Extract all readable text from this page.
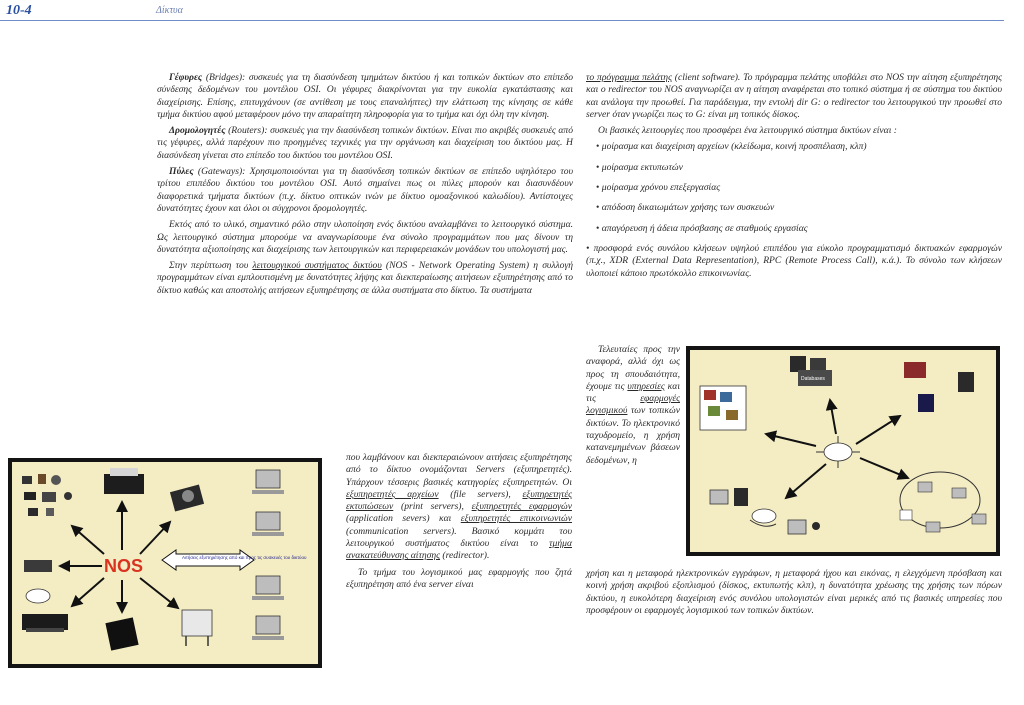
10-4	Δίκτυα

Γέφυρες (Bridges): συσκευές για τη διασύνδεση τμημάτων δικτύου ή και τοπικών δικτύων στο επίπεδο σύνδεσης δεδομένων του μοντέλου OSI. Οι γέφυρες διακρίνονται για την ευκολία εγκατάστασης και διαχείρισης. Επίσης, επιτυγχάνουν (σε αντίθεση με τους επαναλήπτες) την ελάττωση της κίνησης σε κάθε τμήμα δικτύου αφού μεταφέρουν μόνο την απαραίτητη πληροφορία για το τμήμα και όχι όλη την κίνηση.

Δρομολογητές (Routers): συσκευές για την διασύνδεση τοπικών δικτύων. Είναι πιο ακριβές συσκευές από τις γέφυρες, αλλά παρέχουν πιο προηγμένες τεχνικές για την οργάνωση και διαχείριση του δικτύου μας. Η διασύνδεση γίνεται στο επίπεδο του δικτύου του μοντέλου OSI.

Πύλες (Gateways): Χρησιμοποιούνται για τη διασύνδεση τοπικών δικτύων σε επίπεδο υψηλότερο του τρίτου επιπέδου δικτύου του μοντέλου OSI. Αυτό σημαίνει πως οι πύλες μπορούν και διασυνδέουν διαφορετικά τμήματα δικτύων (π.χ. δίκτυο οπτικών ινών με δίκτυο ομοαξονικού καλωδίου). Αντίστοιχες δυνατότητες έχουν και όλοι οι σύγχρονοι δρομολογητές.

Εκτός από το υλικό, σημαντικό ρόλο στην υλοποίηση ενός δικτύου αναλαμβάνει το λειτουργικό σύστημα. Ως λειτουργικό σύστημα μπορούμε να αναγνωρίσουμε ένα σύνολο προγραμμάτων που μας δίνουν τη δυνατότητα αξιοποίησης και διαχείρισης των λειτουργικών και περιφερειακών μονάδων του υπολογιστή μας.

Στην περίπτωση του λειτουργικού συστήματος δικτύου (NOS - Network Operating System) η συλλογή προγραμμάτων είναι εμπλουτισμένη με δυνατότητες λήψης και διεκπεραίωσης αιτήσεων εξυπηρέτησης από το δίκτυο καθώς και αποστολής αιτήσεων εξυπηρέτησης σε άλλα συστήματα στο δίκτυο. Τα συστήματα

που λαμβάνουν και διεκπεραιώνουν αιτήσεις εξυπηρέτησης από το δίκτυο ονομάζονται Servers (εξυπηρετητές). Υπάρχουν τέσσερις βασικές κατηγορίες εξυπηρετητών. Οι εξυπηρετητές αρχείων (file servers), εξυπηρετητές εκτυπώσεων (print servers), εξυπηρετητές εφαρμογών (application severs) και εξυπηρετητές επικοινωνιών (communication servers). Βασικό κομμάτι του λειτουργικού συστήματος δικτύου είναι το τμήμα ανακατεύθυνσης αίτησης (redirector).

Το τμήμα του λογισμικού μας εφαρμογής που ζητά εξυπηρέτηση από ένα server είναι

το πρόγραμμα πελάτης (client software). Το πρόγραμμα πελάτης υποβάλει στο NOS την αίτηση εξυπηρέτησης και ο redirector του NOS αναγνωρίζει αν η αίτηση αναφέρεται στο τοπικό σύστημα ή σε σύστημα του δικτύου και ανάλογα την προωθεί. Για παράδειγμα, την εντολή dir G: ο redirector του λειτουργικού την προωθεί στο server όταν γνωρίζει πως το G: είναι μη τοπικός δίσκος.

Οι βασικές λειτουργίες που προσφέρει ένα λειτουργικό σύστημα δικτύων είναι :

• μοίρασμα και διαχείριση αρχείων (κλείδωμα, κοινή προσπέλαση, κλπ)
• μοίρασμα εκτυπωτών
• μοίρασμα χρόνου επεξεργασίας
• απόδοση δικαιωμάτων χρήσης των συσκευών
• απαγόρευση ή άδεια πρόσβασης σε σταθμούς εργασίας

• προσφορά ενός συνόλου κλήσεων υψηλού επιπέδου για εύκολο προγραμματισμό δικτυακών εφαρμογών (π.χ., XDR (External Data Representation), RPC (Remote Process Call), κ.ά.). Το σύνολο των κλήσεων υλοποιεί κάποιο πρωτόκολλο επικοινωνίας.

Τελευταίες προς την αναφορά, αλλά όχι ως προς τη σπουδαιότητα, έχουμε τις υπηρεσίες και τις εφαρμογές λογισμικού των τοπικών δικτύων. Το ηλεκτρονικό ταχυδρομείο, η χρήση κατανεμημένων βάσεων δεδομένων, η

χρήση και η μεταφορά ηλεκτρονικών εγγράφων, η μεταφορά ήχου και εικόνας, η ελεγχόμενη πρόσβαση και κοινή χρήση ακριβού εξοπλισμού (δίσκος, εκτυπωτής κλπ), η δυνατότητα χρέωσης της χρήσης των πόρων δικτύου, η ευκολότερη διαχείριση ενός συνόλου υπολογιστών είναι μερικές από τις βασικές υπηρεσίες που προσφέρουν οι εφαρμογές λογισμικού των τοπικών δικτύων.

Αιτήσεις εξυπηρέτησης από και προς τις συσκευές του δικτύου
NOS
Databases
